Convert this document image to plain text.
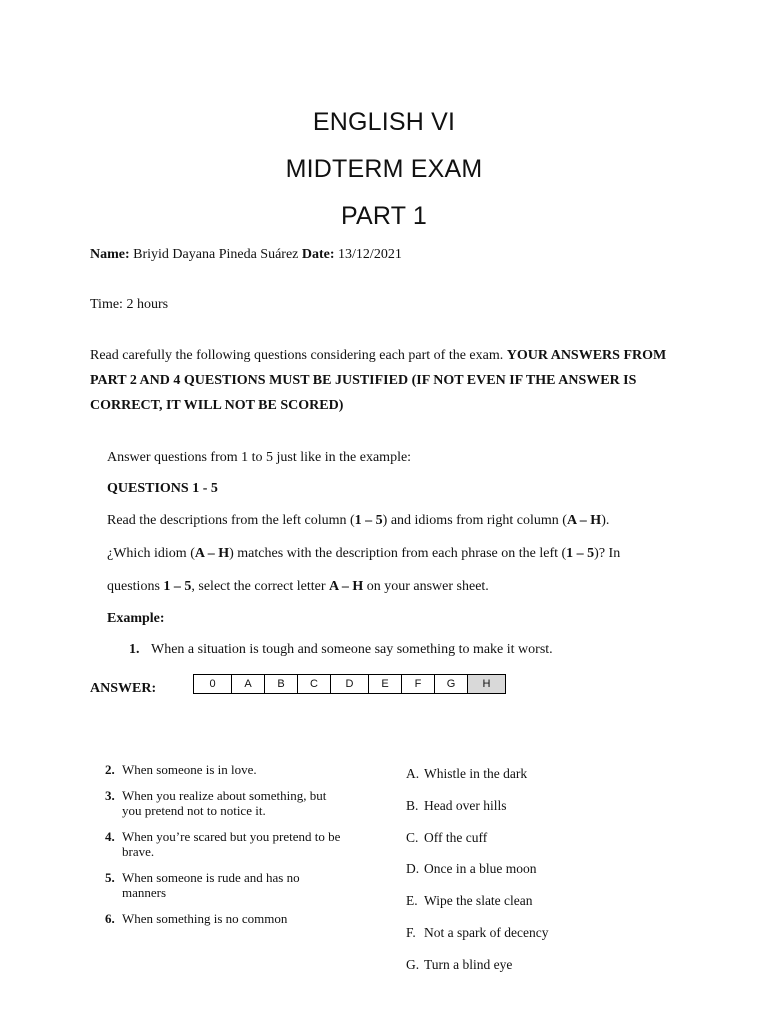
ENGLISH VI
MIDTERM EXAM
PART 1
Name: Briyid Dayana Pineda Suárez Date: 13/12/2021
Time: 2 hours
Read carefully the following questions considering each part of the exam. YOUR ANSWERS FROM PART 2 AND 4 QUESTIONS MUST BE JUSTIFIED (IF NOT EVEN IF THE ANSWER IS CORRECT, IT WILL NOT BE SCORED)
Answer questions from 1 to 5 just like in the example:
QUESTIONS 1 - 5
Read the descriptions from the left column (1 – 5) and idioms from right column (A – H).
¿Which idiom (A – H) matches with the description from each phrase on the left (1 – 5)? In
questions 1 – 5, select the correct letter A – H on your answer sheet.
Example:
1. When a situation is tough and someone say something to make it worst.
ANSWER:	0	A	B	C	D	E	F	G	H
2. When someone is in love.
3. When you realize about something, but you pretend not to notice it.
4. When you’re scared but you pretend to be brave.
5. When someone is rude and has no manners
6. When something is no common
A. Whistle in the dark
B. Head over hills
C. Off the cuff
D. Once in a blue moon
E. Wipe the slate clean
F. Not a spark of decency
G. Turn a blind eye
